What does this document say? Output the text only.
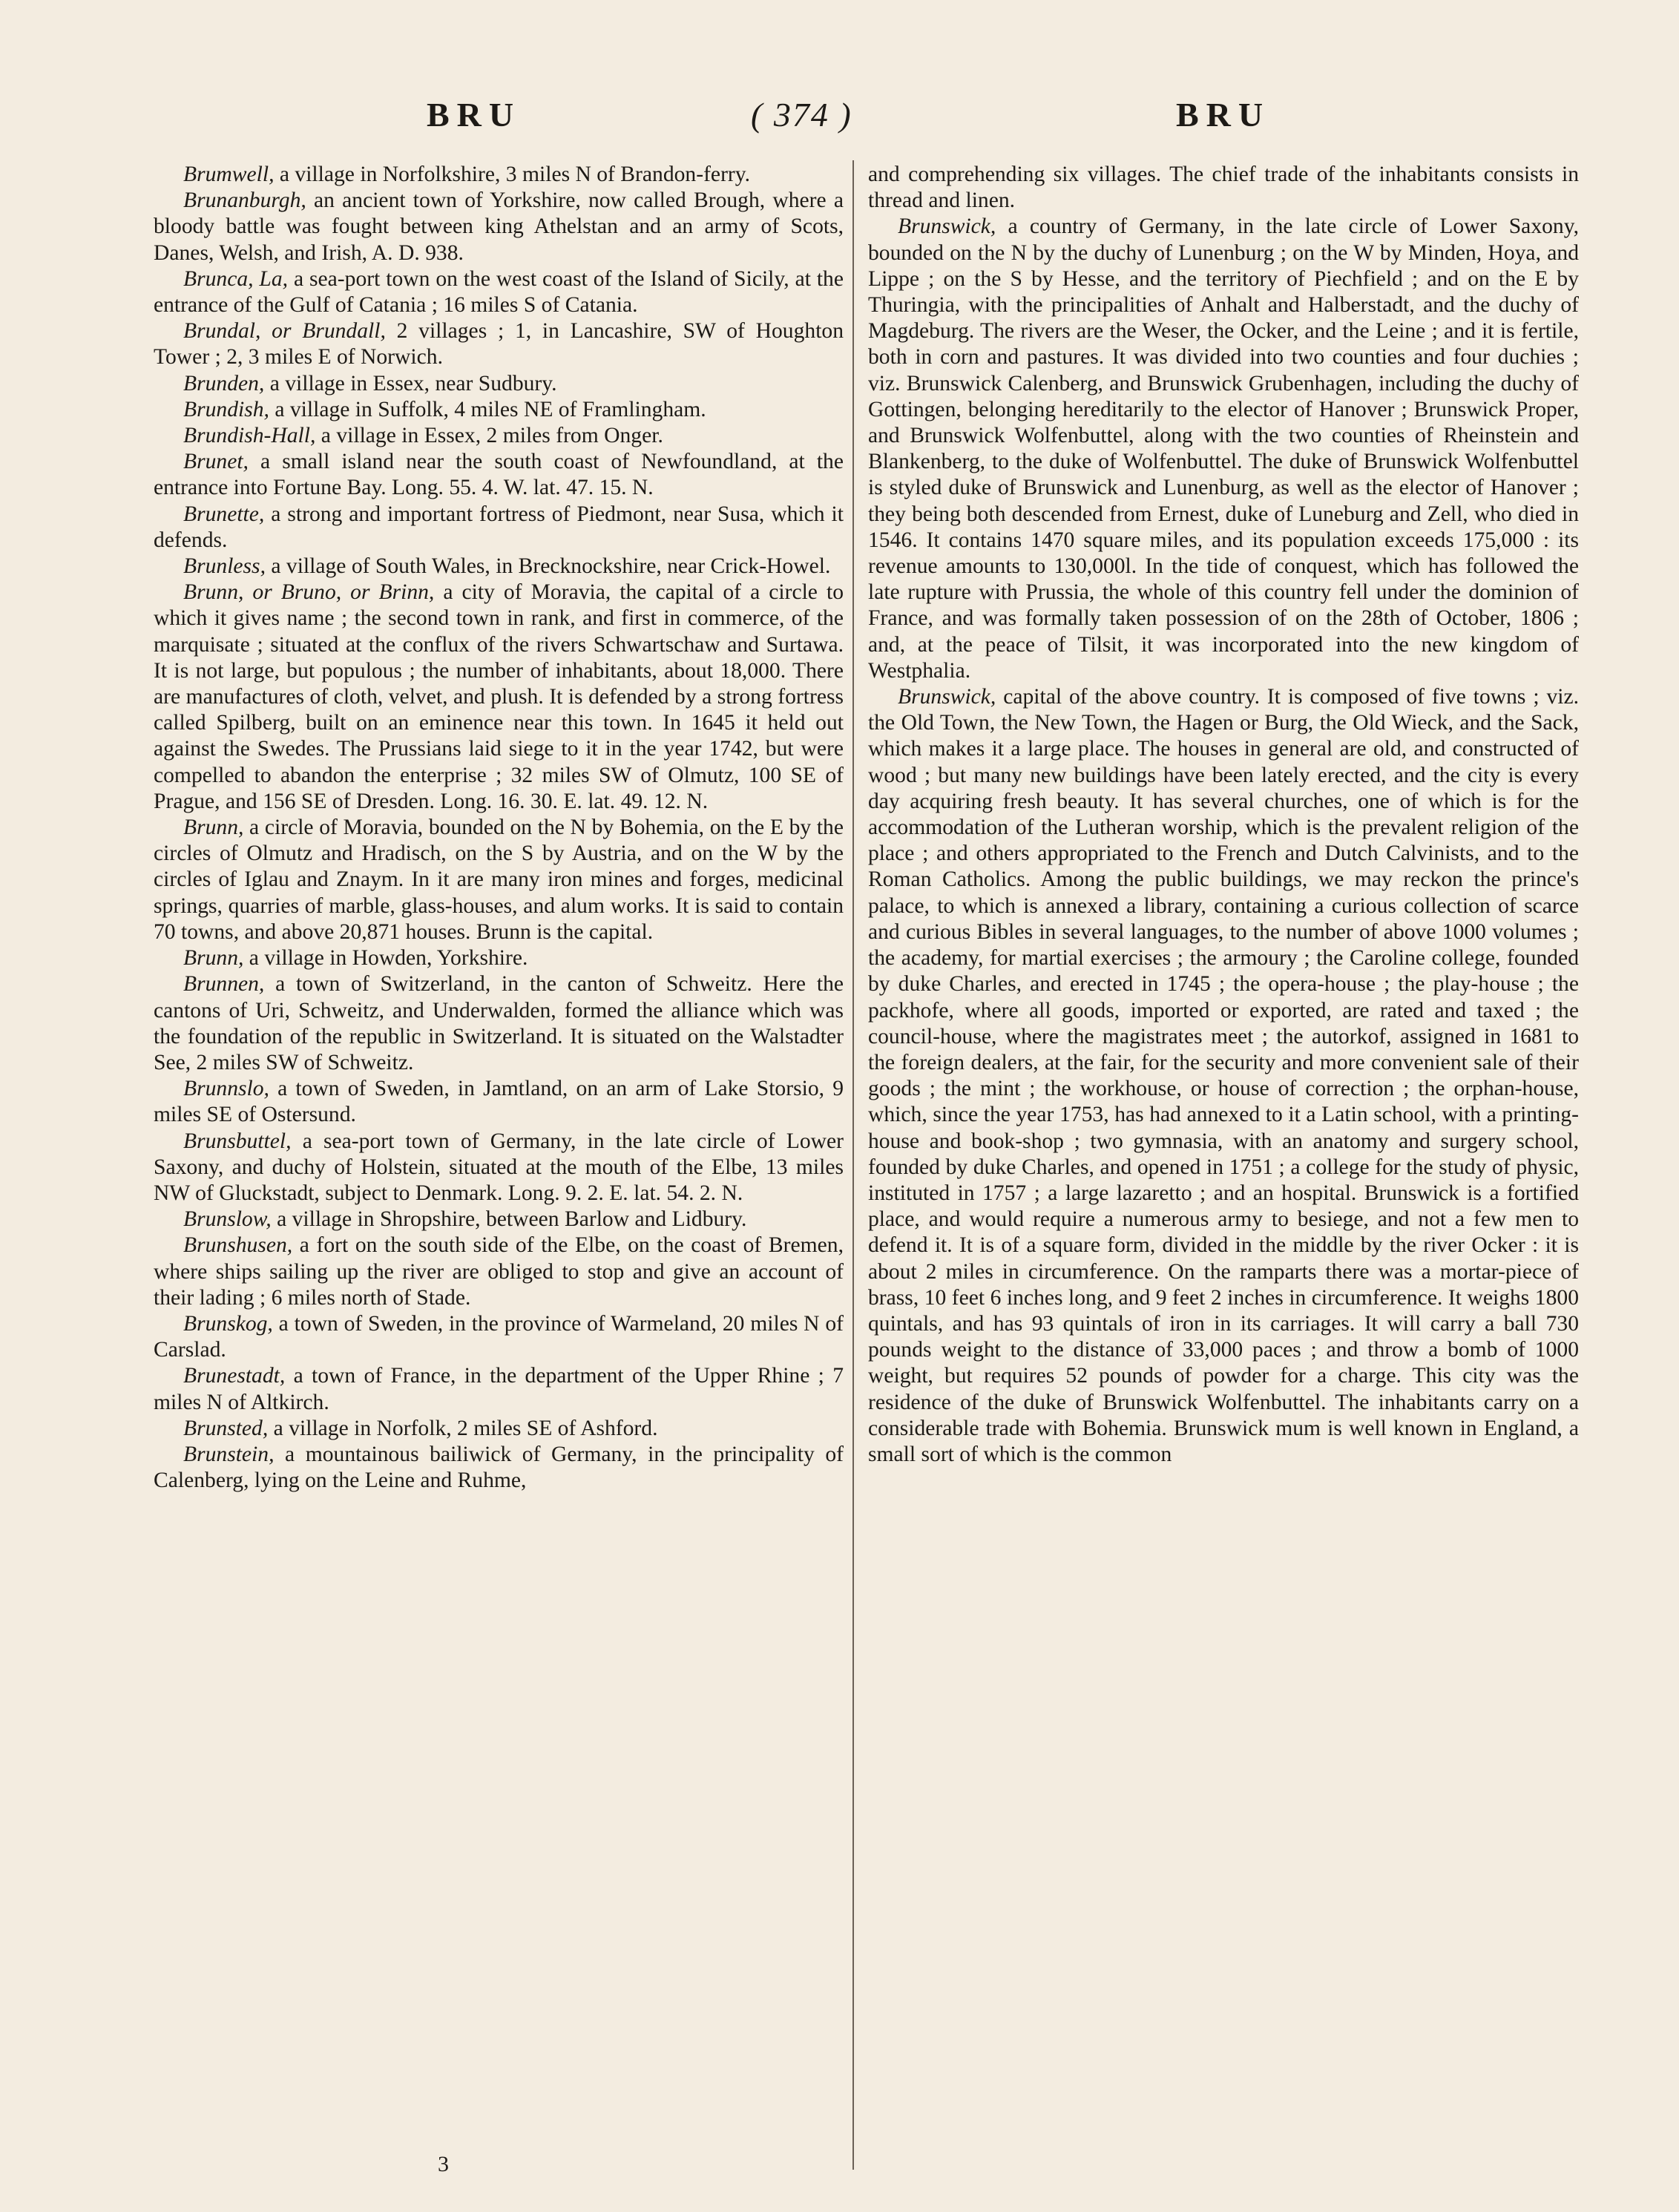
BRU	( 374 )	BRU

Brumwell, a village in Norfolkshire, 3 miles N of Brandon-ferry.

Brunanburgh, an ancient town of Yorkshire, now called Brough, where a bloody battle was fought between king Athelstan and an army of Scots, Danes, Welsh, and Irish, A. D. 938.

Brunca, La, a sea-port town on the west coast of the Island of Sicily, at the entrance of the Gulf of Catania ; 16 miles S of Catania.

Brundal, or Brundall, 2 villages ; 1, in Lancashire, SW of Houghton Tower ; 2, 3 miles E of Norwich.

Brunden, a village in Essex, near Sudbury.

Brundish, a village in Suffolk, 4 miles NE of Framlingham.

Brundish-Hall, a village in Essex, 2 miles from Onger.

Brunet, a small island near the south coast of Newfoundland, at the entrance into Fortune Bay. Long. 55. 4. W. lat. 47. 15. N.

Brunette, a strong and important fortress of Piedmont, near Susa, which it defends.

Brunless, a village of South Wales, in Brecknockshire, near Crick-Howel.

Brunn, or Bruno, or Brinn, a city of Moravia, the capital of a circle to which it gives name ; the second town in rank, and first in commerce, of the marquisate ; situated at the conflux of the rivers Schwartschaw and Surtawa. It is not large, but populous ; the number of inhabitants, about 18,000. There are manufactures of cloth, velvet, and plush. It is defended by a strong fortress called Spilberg, built on an eminence near this town. In 1645 it held out against the Swedes. The Prussians laid siege to it in the year 1742, but were compelled to abandon the enterprise ; 32 miles SW of Olmutz, 100 SE of Prague, and 156 SE of Dresden. Long. 16. 30. E. lat. 49. 12. N.

Brunn, a circle of Moravia, bounded on the N by Bohemia, on the E by the circles of Olmutz and Hradisch, on the S by Austria, and on the W by the circles of Iglau and Znaym. In it are many iron mines and forges, medicinal springs, quarries of marble, glass-houses, and alum works. It is said to contain 70 towns, and above 20,871 houses. Brunn is the capital.

Brunn, a village in Howden, Yorkshire.

Brunnen, a town of Switzerland, in the canton of Schweitz. Here the cantons of Uri, Schweitz, and Underwalden, formed the alliance which was the foundation of the republic in Switzerland. It is situated on the Walstadter See, 2 miles SW of Schweitz.

Brunnslo, a town of Sweden, in Jamtland, on an arm of Lake Storsio, 9 miles SE of Ostersund.

Brunsbuttel, a sea-port town of Germany, in the late circle of Lower Saxony, and duchy of Holstein, situated at the mouth of the Elbe, 13 miles NW of Gluckstadt, subject to Denmark. Long. 9. 2. E. lat. 54. 2. N.

Brunslow, a village in Shropshire, between Barlow and Lidbury.

Brunshusen, a fort on the south side of the Elbe, on the coast of Bremen, where ships sailing up the river are obliged to stop and give an account of their lading ; 6 miles north of Stade.

Brunskog, a town of Sweden, in the province of Warmeland, 20 miles N of Carslad.

Brunestadt, a town of France, in the department of the Upper Rhine ; 7 miles N of Altkirch.

Brunsted, a village in Norfolk, 2 miles SE of Ashford.

Brunstein, a mountainous bailiwick of Germany, in the principality of Calenberg, lying on the Leine and Ruhme,

and comprehending six villages. The chief trade of the inhabitants consists in thread and linen.

Brunswick, a country of Germany, in the late circle of Lower Saxony, bounded on the N by the duchy of Lunenburg ; on the W by Minden, Hoya, and Lippe ; on the S by Hesse, and the territory of Piechfield ; and on the E by Thuringia, with the principalities of Anhalt and Halberstadt, and the duchy of Magdeburg. The rivers are the Weser, the Ocker, and the Leine ; and it is fertile, both in corn and pastures. It was divided into two counties and four duchies ; viz. Brunswick Calenberg, and Brunswick Grubenhagen, including the duchy of Gottingen, belonging hereditarily to the elector of Hanover ; Brunswick Proper, and Brunswick Wolfenbuttel, along with the two counties of Rheinstein and Blankenberg, to the duke of Wolfenbuttel. The duke of Brunswick Wolfenbuttel is styled duke of Brunswick and Lunenburg, as well as the elector of Hanover ; they being both descended from Ernest, duke of Luneburg and Zell, who died in 1546. It contains 1470 square miles, and its population exceeds 175,000 : its revenue amounts to 130,000l. In the tide of conquest, which has followed the late rupture with Prussia, the whole of this country fell under the dominion of France, and was formally taken possession of on the 28th of October, 1806 ; and, at the peace of Tilsit, it was incorporated into the new kingdom of Westphalia.

Brunswick, capital of the above country. It is composed of five towns ; viz. the Old Town, the New Town, the Hagen or Burg, the Old Wieck, and the Sack, which makes it a large place. The houses in general are old, and constructed of wood ; but many new buildings have been lately erected, and the city is every day acquiring fresh beauty. It has several churches, one of which is for the accommodation of the Lutheran worship, which is the prevalent religion of the place ; and others appropriated to the French and Dutch Calvinists, and to the Roman Catholics. Among the public buildings, we may reckon the prince's palace, to which is annexed a library, containing a curious collection of scarce and curious Bibles in several languages, to the number of above 1000 volumes ; the academy, for martial exercises ; the armoury ; the Caroline college, founded by duke Charles, and erected in 1745 ; the opera-house ; the play-house ; the packhofe, where all goods, imported or exported, are rated and taxed ; the council-house, where the magistrates meet ; the autorkof, assigned in 1681 to the foreign dealers, at the fair, for the security and more convenient sale of their goods ; the mint ; the workhouse, or house of correction ; the orphan-house, which, since the year 1753, has had annexed to it a Latin school, with a printing-house and book-shop ; two gymnasia, with an anatomy and surgery school, founded by duke Charles, and opened in 1751 ; a college for the study of physic, instituted in 1757 ; a large lazaretto ; and an hospital. Brunswick is a fortified place, and would require a numerous army to besiege, and not a few men to defend it. It is of a square form, divided in the middle by the river Ocker : it is about 2 miles in circumference. On the ramparts there was a mortar-piece of brass, 10 feet 6 inches long, and 9 feet 2 inches in circumference. It weighs 1800 quintals, and has 93 quintals of iron in its carriages. It will carry a ball 730 pounds weight to the distance of 33,000 paces ; and throw a bomb of 1000 weight, but requires 52 pounds of powder for a charge. This city was the residence of the duke of Brunswick Wolfenbuttel. The inhabitants carry on a considerable trade with Bohemia. Brunswick mum is well known in England, a small sort of which is the common

3
